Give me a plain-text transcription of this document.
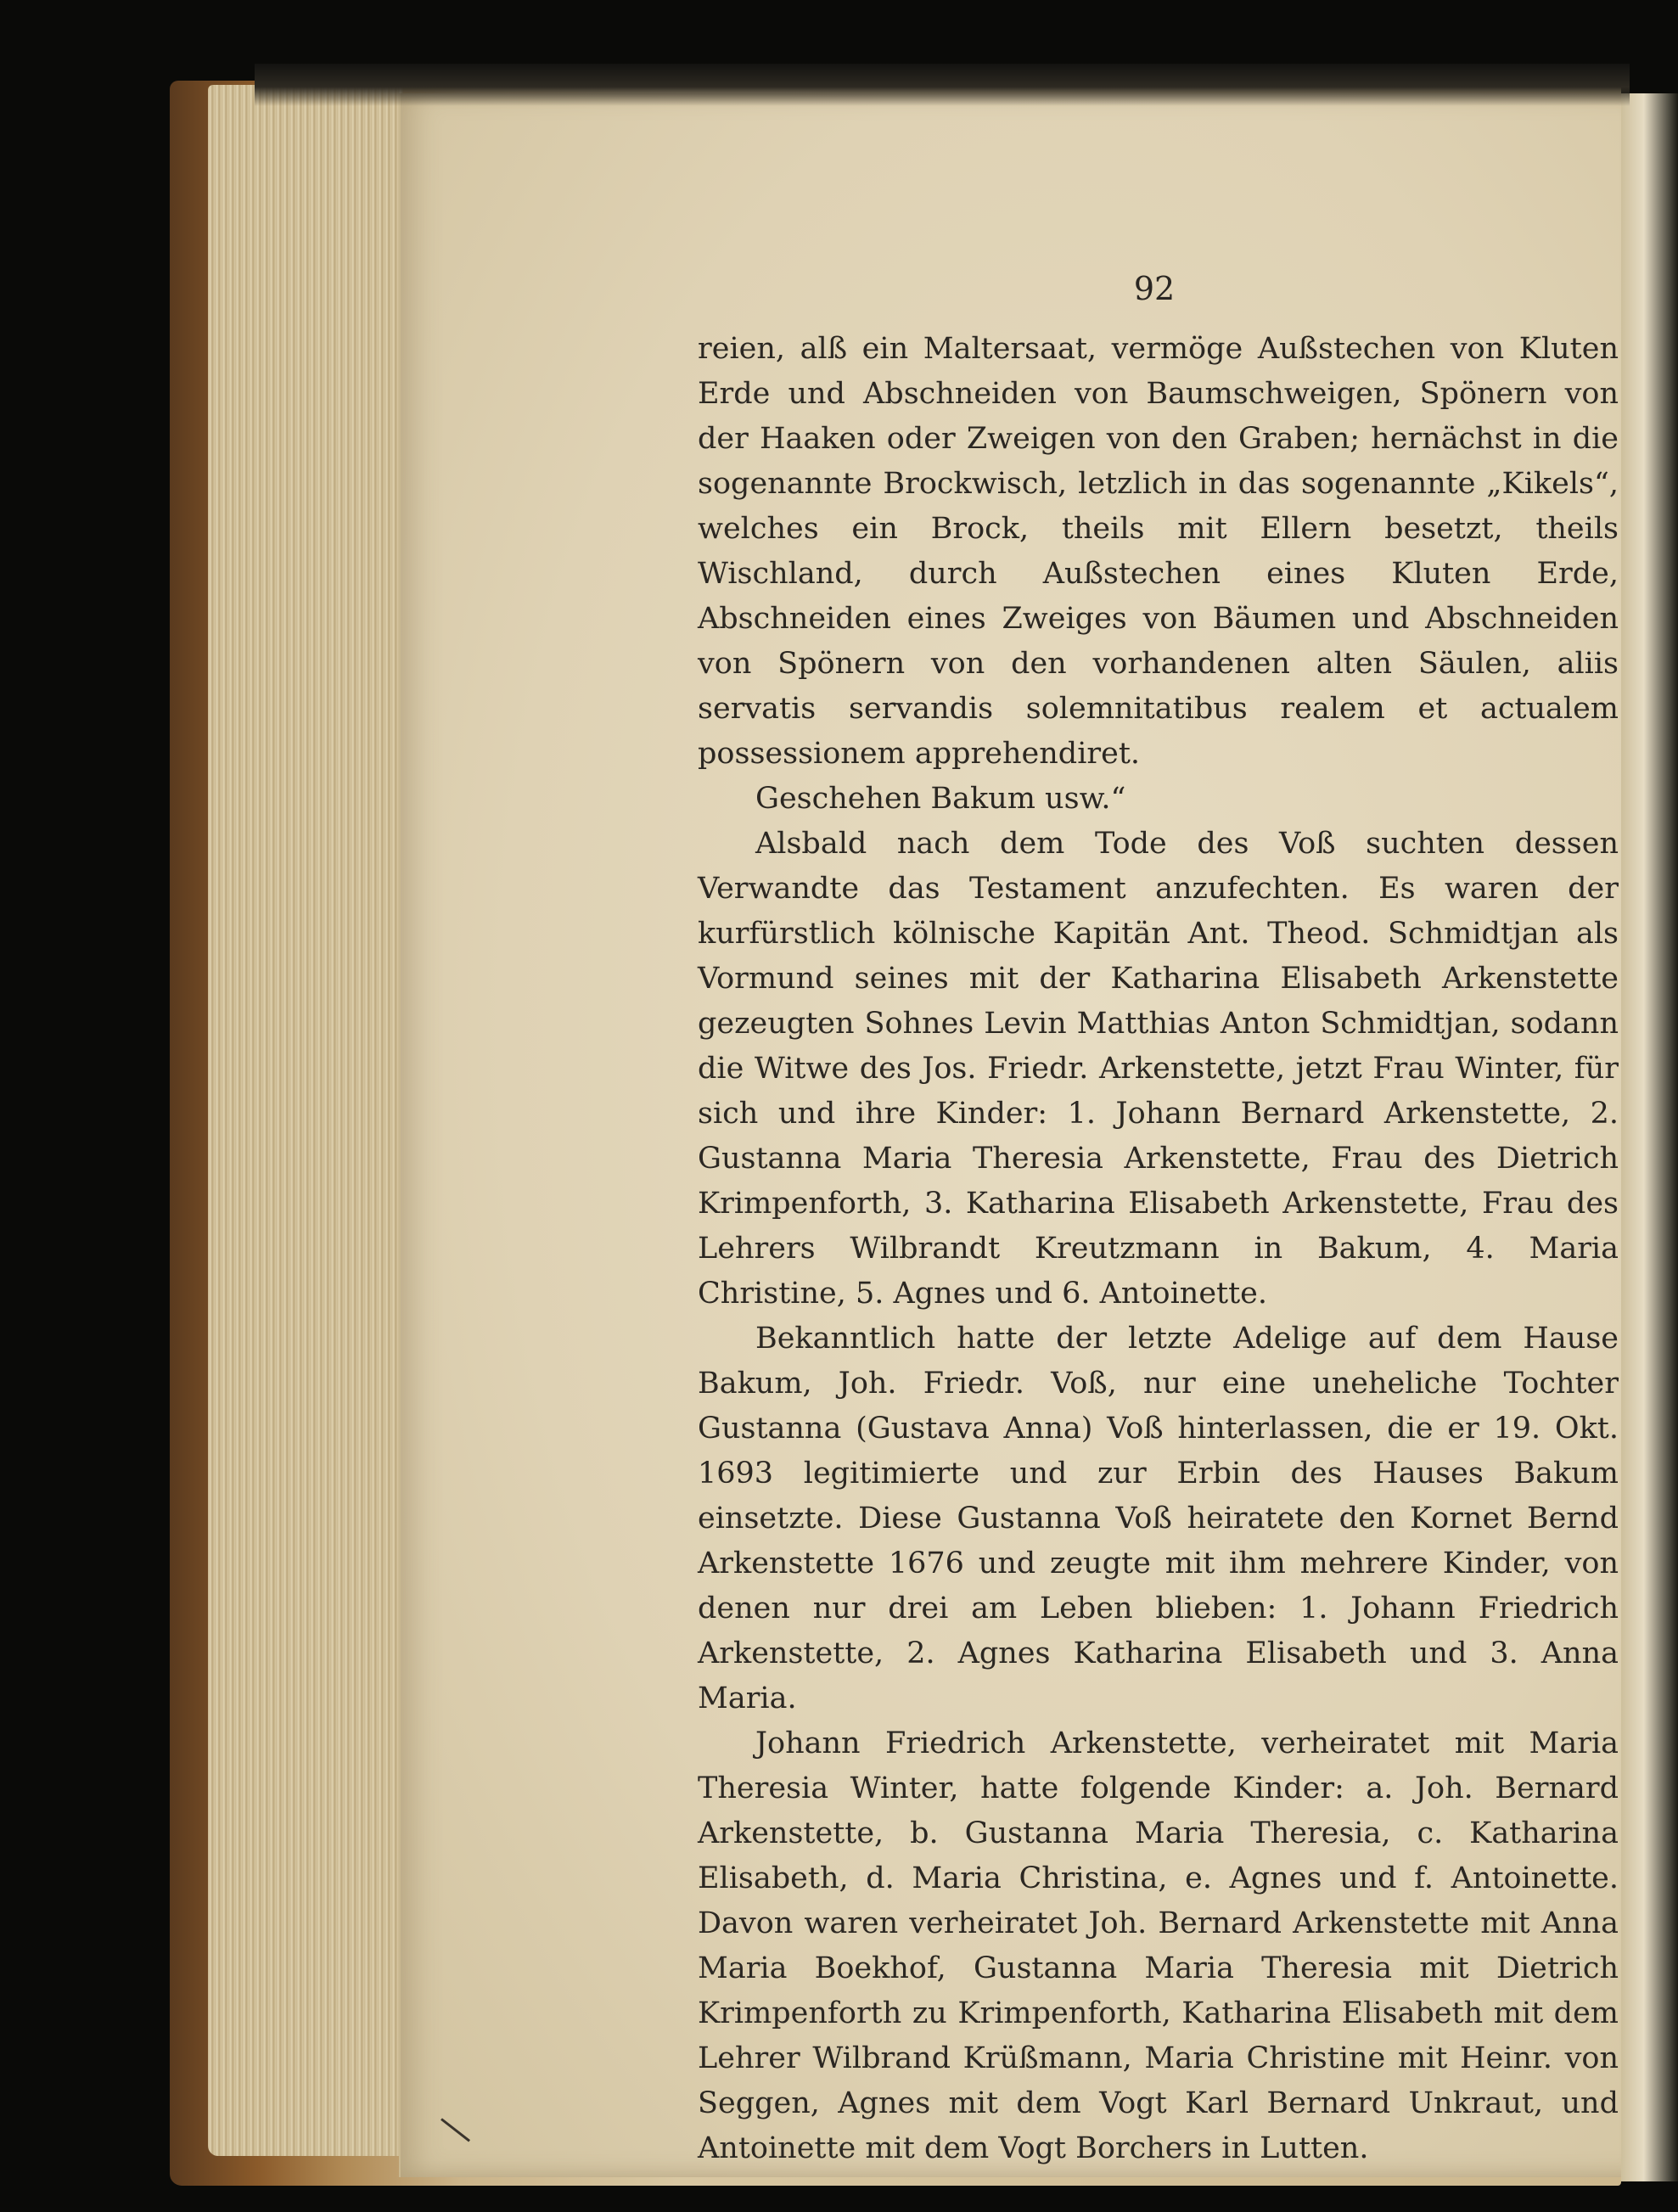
92

reien, alß ein Maltersaat, vermöge Außstechen von Kluten Erde und Abschneiden von Baumschweigen, Spönern von der Haaken oder Zweigen von den Graben; hernächst in die sogenannte Brockwisch, letzlich in das sogenannte „Kikels“, welches ein Brock, theils mit Ellern besetzt, theils Wischland, durch Außstechen eines Kluten Erde, Abschneiden eines Zweiges von Bäumen und Abschneiden von Spönern von den vorhandenen alten Säulen, aliis servatis servandis solemnitatibus realem et actualem possessionem apprehendiret.

Geschehen Bakum usw.“

Alsbald nach dem Tode des Voß suchten dessen Verwandte das Testament anzufechten. Es waren der kurfürstlich kölnische Kapitän Ant. Theod. Schmidtjan als Vormund seines mit der Katharina Elisabeth Arkenstette gezeugten Sohnes Levin Matthias Anton Schmidtjan, sodann die Witwe des Jos. Friedr. Arkenstette, jetzt Frau Winter, für sich und ihre Kinder: 1. Johann Bernard Arkenstette, 2. Gustanna Maria Theresia Arkenstette, Frau des Dietrich Krimpenforth, 3. Katharina Elisabeth Arkenstette, Frau des Lehrers Wilbrandt Kreutzmann in Bakum, 4. Maria Christine, 5. Agnes und 6. Antoinette.

Bekanntlich hatte der letzte Adelige auf dem Hause Bakum, Joh. Friedr. Voß, nur eine uneheliche Tochter Gustanna (Gustava Anna) Voß hinterlassen, die er 19. Okt. 1693 legitimierte und zur Erbin des Hauses Bakum einsetzte. Diese Gustanna Voß heiratete den Kornet Bernd Arkenstette 1676 und zeugte mit ihm mehrere Kinder, von denen nur drei am Leben blieben: 1. Johann Friedrich Arkenstette, 2. Agnes Katharina Elisabeth und 3. Anna Maria.

Johann Friedrich Arkenstette, verheiratet mit Maria Theresia Winter, hatte folgende Kinder: a. Joh. Bernard Arkenstette, b. Gustanna Maria Theresia, c. Katharina Elisabeth, d. Maria Christina, e. Agnes und f. Antoinette. Davon waren verheiratet Joh. Bernard Arkenstette mit Anna Maria Boekhof, Gustanna Maria Theresia mit Dietrich Krimpenforth zu Krimpenforth, Katharina Elisabeth mit dem Lehrer Wilbrand Krüßmann, Maria Christine mit Heinr. von Seggen, Agnes mit dem Vogt Karl Bernard Unkraut, und Antoinette mit dem Vogt Borchers in Lutten.
